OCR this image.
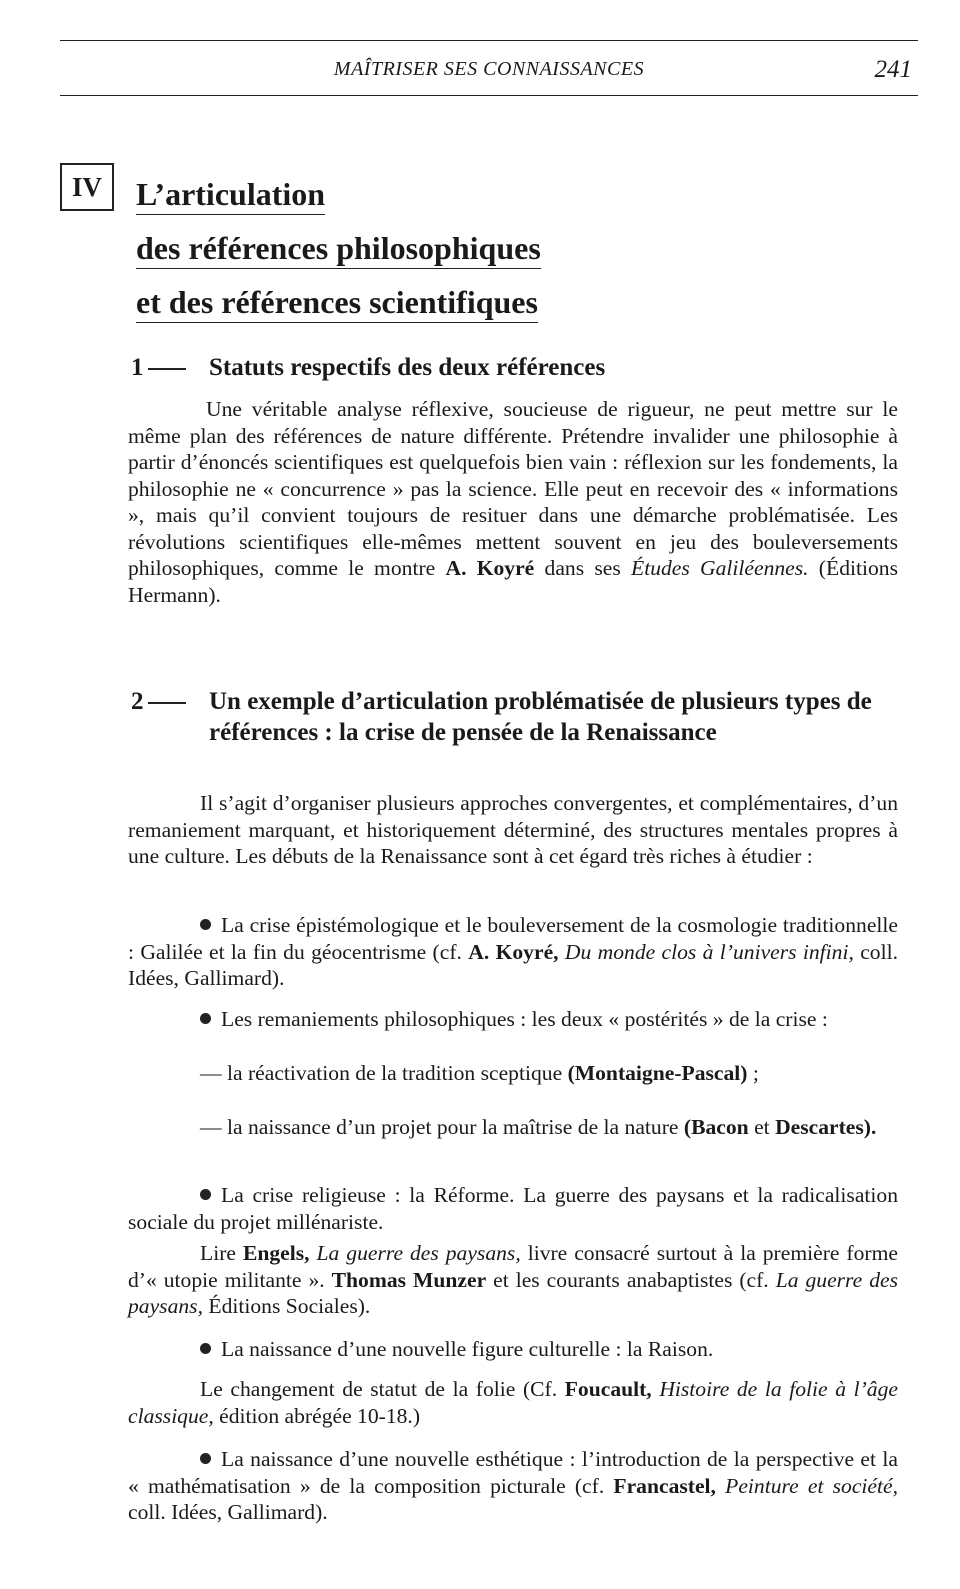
MAÎTRISER SES CONNAISSANCES	241
IV	L’articulation
des références philosophiques
et des références scientifiques
1	Statuts respectifs des deux références

Une véritable analyse réflexive, soucieuse de rigueur, ne peut mettre sur le même plan des références de nature différente. Prétendre invalider une philosophie à partir d’énoncés scientifiques est quelquefois bien vain : réflexion sur les fondements, la philosophie ne « concurrence » pas la science. Elle peut en recevoir des « informations », mais qu’il convient toujours de resituer dans une démarche problématisée. Les révolutions scientifiques elle-mêmes mettent souvent en jeu des bouleversements philosophiques, comme le montre A. Koyré dans ses Études Galiléennes. (Éditions Hermann).

2	Un exemple d’articulation problématisée de plusieurs types de références : la crise de pensée de la Renaissance

Il s’agit d’organiser plusieurs approches convergentes, et complémentaires, d’un remaniement marquant, et historiquement déterminé, des structures mentales propres à une culture. Les débuts de la Renaissance sont à cet égard très riches à étudier :

La crise épistémologique et le bouleversement de la cosmologie traditionnelle : Galilée et la fin du géocentrisme (cf. A. Koyré, Du monde clos à l’univers infini, coll. Idées, Gallimard).

Les remaniements philosophiques : les deux « postérités » de la crise :

— la réactivation de la tradition sceptique (Montaigne-Pascal) ;

— la naissance d’un projet pour la maîtrise de la nature (Bacon et Descartes).

La crise religieuse : la Réforme. La guerre des paysans et la radicalisation sociale du projet millénariste.

Lire Engels, La guerre des paysans, livre consacré surtout à la première forme d’« utopie militante ». Thomas Munzer et les courants anabaptistes (cf. La guerre des paysans, Éditions Sociales).

La naissance d’une nouvelle figure culturelle : la Raison.

Le changement de statut de la folie (Cf. Foucault, Histoire de la folie à l’âge classique, édition abrégée 10-18.)

La naissance d’une nouvelle esthétique : l’introduction de la perspective et la « mathématisation » de la composition picturale (cf. Francastel, Peinture et société, coll. Idées, Gallimard).
